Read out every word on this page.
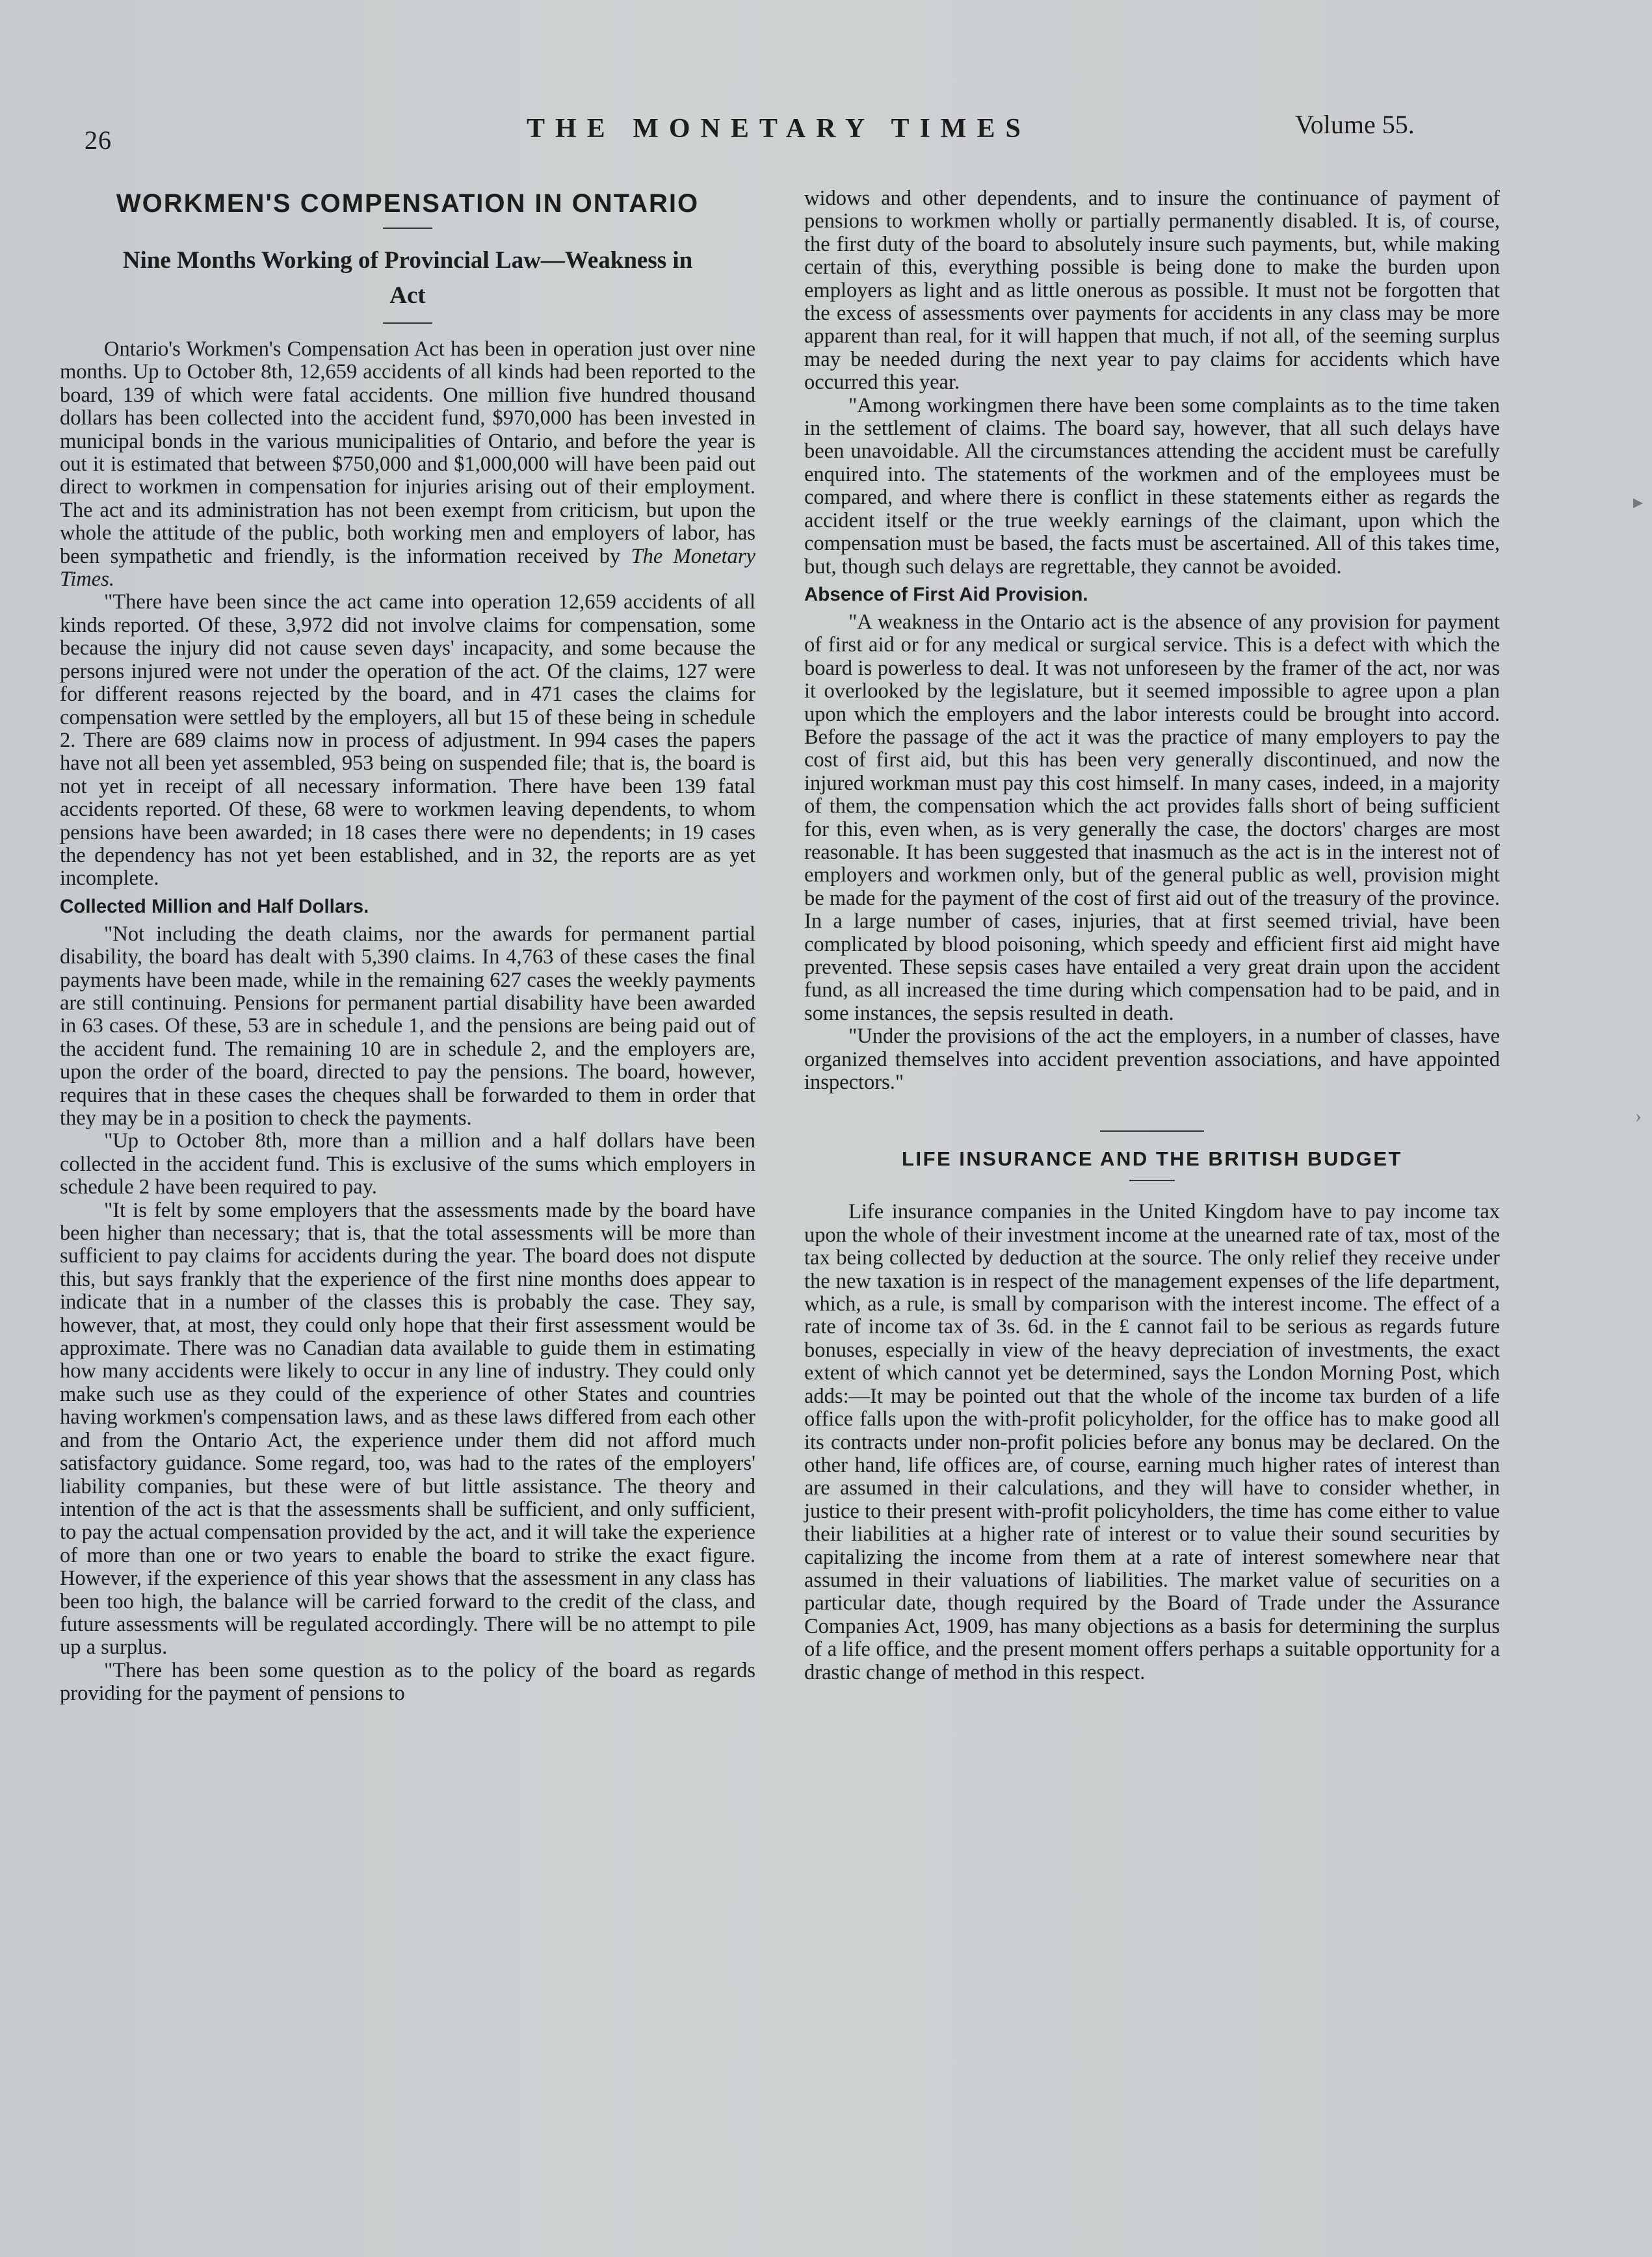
26	THE MONETARY TIMES	Volume 55.
WORKMEN'S COMPENSATION IN ONTARIO
Nine Months Working of Provincial Law—Weakness in Act

Ontario's Workmen's Compensation Act has been in operation just over nine months. Up to October 8th, 12,659 accidents of all kinds had been reported to the board, 139 of which were fatal accidents. One million five hundred thousand dollars has been collected into the accident fund, $970,000 has been invested in municipal bonds in the various municipalities of Ontario, and before the year is out it is estimated that between $750,000 and $1,000,000 will have been paid out direct to workmen in compensation for injuries arising out of their employment. The act and its administration has not been exempt from criticism, but upon the whole the attitude of the public, both working men and employers of labor, has been sympathetic and friendly, is the information received by The Monetary Times.

"There have been since the act came into operation 12,659 accidents of all kinds reported. Of these, 3,972 did not involve claims for compensation, some because the injury did not cause seven days' incapacity, and some because the persons injured were not under the operation of the act. Of the claims, 127 were for different reasons rejected by the board, and in 471 cases the claims for compensation were settled by the employers, all but 15 of these being in schedule 2. There are 689 claims now in process of adjustment. In 994 cases the papers have not all been yet assembled, 953 being on suspended file; that is, the board is not yet in receipt of all necessary information. There have been 139 fatal accidents reported. Of these, 68 were to workmen leaving dependents, to whom pensions have been awarded; in 18 cases there were no dependents; in 19 cases the dependency has not yet been established, and in 32, the reports are as yet incomplete.

Collected Million and Half Dollars.

"Not including the death claims, nor the awards for permanent partial disability, the board has dealt with 5,390 claims. In 4,763 of these cases the final payments have been made, while in the remaining 627 cases the weekly payments are still continuing. Pensions for permanent partial disability have been awarded in 63 cases. Of these, 53 are in schedule 1, and the pensions are being paid out of the accident fund. The remaining 10 are in schedule 2, and the employers are, upon the order of the board, directed to pay the pensions. The board, however, requires that in these cases the cheques shall be forwarded to them in order that they may be in a position to check the payments.

"Up to October 8th, more than a million and a half dollars have been collected in the accident fund. This is exclusive of the sums which employers in schedule 2 have been required to pay.

"It is felt by some employers that the assessments made by the board have been higher than necessary; that is, that the total assessments will be more than sufficient to pay claims for accidents during the year. The board does not dispute this, but says frankly that the experience of the first nine months does appear to indicate that in a number of the classes this is probably the case. They say, however, that, at most, they could only hope that their first assessment would be approximate. There was no Canadian data available to guide them in estimating how many accidents were likely to occur in any line of industry. They could only make such use as they could of the experience of other States and countries having workmen's compensation laws, and as these laws differed from each other and from the Ontario Act, the experience under them did not afford much satisfactory guidance. Some regard, too, was had to the rates of the employers' liability companies, but these were of but little assistance. The theory and intention of the act is that the assessments shall be sufficient, and only sufficient, to pay the actual compensation provided by the act, and it will take the experience of more than one or two years to enable the board to strike the exact figure. However, if the experience of this year shows that the assessment in any class has been too high, the balance will be carried forward to the credit of the class, and future assessments will be regulated accordingly. There will be no attempt to pile up a surplus.

"There has been some question as to the policy of the board as regards providing for the payment of pensions to

widows and other dependents, and to insure the continuance of payment of pensions to workmen wholly or partially permanently disabled. It is, of course, the first duty of the board to absolutely insure such payments, but, while making certain of this, everything possible is being done to make the burden upon employers as light and as little onerous as possible. It must not be forgotten that the excess of assessments over payments for accidents in any class may be more apparent than real, for it will happen that much, if not all, of the seeming surplus may be needed during the next year to pay claims for accidents which have occurred this year.

"Among workingmen there have been some complaints as to the time taken in the settlement of claims. The board say, however, that all such delays have been unavoidable. All the circumstances attending the accident must be carefully enquired into. The statements of the workmen and of the employees must be compared, and where there is conflict in these statements either as regards the accident itself or the true weekly earnings of the claimant, upon which the compensation must be based, the facts must be ascertained. All of this takes time, but, though such delays are regrettable, they cannot be avoided.

Absence of First Aid Provision.

"A weakness in the Ontario act is the absence of any provision for payment of first aid or for any medical or surgical service. This is a defect with which the board is powerless to deal. It was not unforeseen by the framer of the act, nor was it overlooked by the legislature, but it seemed impossible to agree upon a plan upon which the employers and the labor interests could be brought into accord. Before the passage of the act it was the practice of many employers to pay the cost of first aid, but this has been very generally discontinued, and now the injured workman must pay this cost himself. In many cases, indeed, in a majority of them, the compensation which the act provides falls short of being sufficient for this, even when, as is very generally the case, the doctors' charges are most reasonable. It has been suggested that inasmuch as the act is in the interest not of employers and workmen only, but of the general public as well, provision might be made for the payment of the cost of first aid out of the treasury of the province. In a large number of cases, injuries, that at first seemed trivial, have been complicated by blood poisoning, which speedy and efficient first aid might have prevented. These sepsis cases have entailed a very great drain upon the accident fund, as all increased the time during which compensation had to be paid, and in some instances, the sepsis resulted in death.

"Under the provisions of the act the employers, in a number of classes, have organized themselves into accident prevention associations, and have appointed inspectors."

LIFE INSURANCE AND THE BRITISH BUDGET

Life insurance companies in the United Kingdom have to pay income tax upon the whole of their investment income at the unearned rate of tax, most of the tax being collected by deduction at the source. The only relief they receive under the new taxation is in respect of the management expenses of the life department, which, as a rule, is small by comparison with the interest income. The effect of a rate of income tax of 3s. 6d. in the £ cannot fail to be serious as regards future bonuses, especially in view of the heavy depreciation of investments, the exact extent of which cannot yet be determined, says the London Morning Post, which adds:—It may be pointed out that the whole of the income tax burden of a life office falls upon the with-profit policyholder, for the office has to make good all its contracts under non-profit policies before any bonus may be declared. On the other hand, life offices are, of course, earning much higher rates of interest than are assumed in their calculations, and they will have to consider whether, in justice to their present with-profit policyholders, the time has come either to value their liabilities at a higher rate of interest or to value their sound securities by capitalizing the income from them at a rate of interest somewhere near that assumed in their valuations of liabilities. The market value of securities on a particular date, though required by the Board of Trade under the Assurance Companies Act, 1909, has many objections as a basis for determining the surplus of a life office, and the present moment offers perhaps a suitable opportunity for a drastic change of method in this respect.

▸
›
